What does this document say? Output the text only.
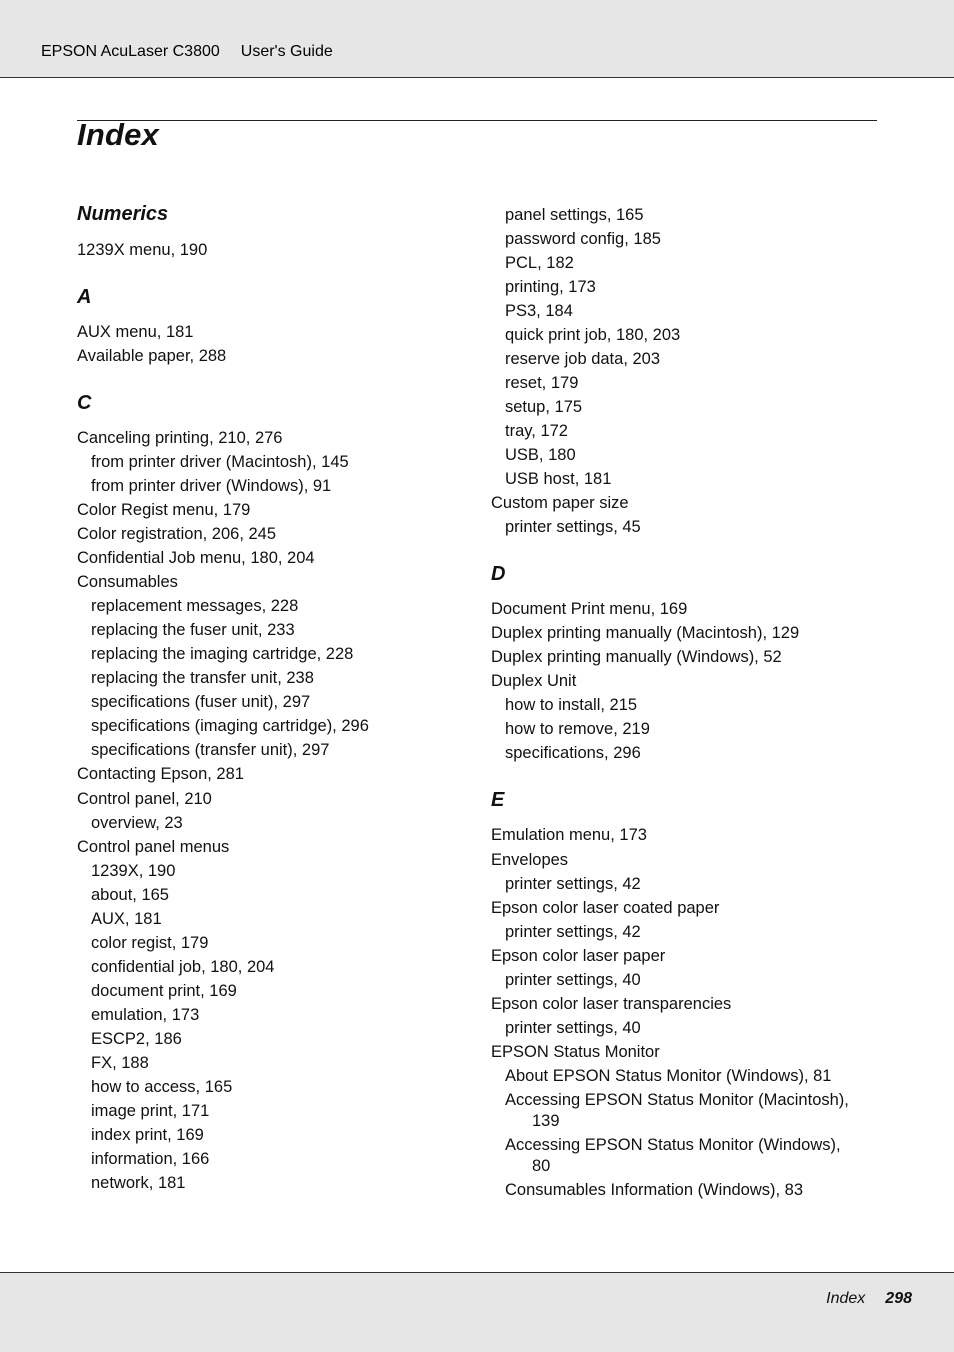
EPSON AcuLaser C3800 User's Guide
Index
Numerics
1239X menu, 190
A
AUX menu, 181
Available paper, 288
C
Canceling printing, 210, 276
from printer driver (Macintosh), 145
from printer driver (Windows), 91
Color Regist menu, 179
Color registration, 206, 245
Confidential Job menu, 180, 204
Consumables
replacement messages, 228
replacing the fuser unit, 233
replacing the imaging cartridge, 228
replacing the transfer unit, 238
specifications (fuser unit), 297
specifications (imaging cartridge), 296
specifications (transfer unit), 297
Contacting Epson, 281
Control panel, 210
overview, 23
Control panel menus
1239X, 190
about, 165
AUX, 181
color regist, 179
confidential job, 180, 204
document print, 169
emulation, 173
ESCP2, 186
FX, 188
how to access, 165
image print, 171
index print, 169
information, 166
network, 181
panel settings, 165
password config, 185
PCL, 182
printing, 173
PS3, 184
quick print job, 180, 203
reserve job data, 203
reset, 179
setup, 175
tray, 172
USB, 180
USB host, 181
Custom paper size
printer settings, 45
D
Document Print menu, 169
Duplex printing manually (Macintosh), 129
Duplex printing manually (Windows), 52
Duplex Unit
how to install, 215
how to remove, 219
specifications, 296
E
Emulation menu, 173
Envelopes
printer settings, 42
Epson color laser coated paper
printer settings, 42
Epson color laser paper
printer settings, 40
Epson color laser transparencies
printer settings, 40
EPSON Status Monitor
About EPSON Status Monitor (Windows), 81
Accessing EPSON Status Monitor (Macintosh),
139
Accessing EPSON Status Monitor (Windows),
80
Consumables Information (Windows), 83
Index 298
